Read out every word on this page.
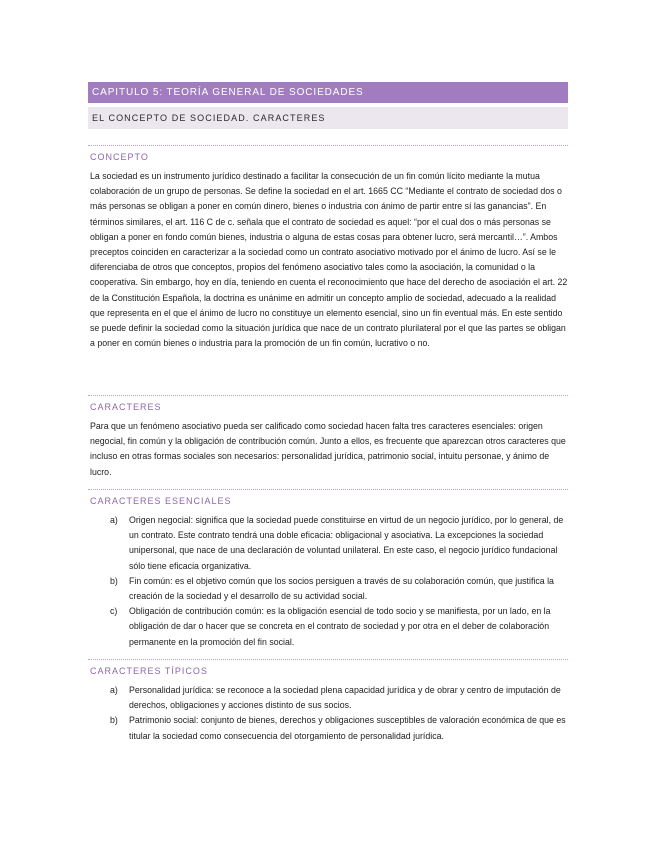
CAPITULO 5: TEORÍA GENERAL DE SOCIEDADES
EL CONCEPTO DE SOCIEDAD. CARACTERES
CONCEPTO
La sociedad es un instrumento jurídico destinado a facilitar la consecución de un fin común lícito mediante la mutua colaboración de un grupo de personas. Se define la sociedad en el art. 1665 CC “Mediante el contrato de sociedad dos o más personas se obligan a poner en común dinero, bienes o industria con ánimo de partir entre sí las ganancias”. En términos similares, el art. 116 C de c. señala que el contrato de sociedad es aquel: “por el cual dos o más personas se obligan a poner en fondo común bienes, industria o alguna de estas cosas para obtener lucro, será mercantil…”. Ambos preceptos coinciden en caracterizar a la sociedad como un contrato asociativo motivado por el ánimo de lucro. Así se le diferenciaba de otros que conceptos, propios del fenómeno asociativo tales como la asociación, la comunidad o la cooperativa. Sin embargo, hoy en día, teniendo en cuenta el reconocimiento que hace del derecho de asociación el art. 22 de la Constitución Española, la doctrina es unánime en admitir un concepto amplio de sociedad, adecuado a la realidad que representa en el que el ánimo de lucro no constituye un elemento esencial, sino un fin eventual más. En este sentido se puede definir la sociedad como la situación jurídica que nace de un contrato plurilateral por el que las partes se obligan a poner en común bienes o industria para la promoción de un fin común, lucrativo o no.
CARACTERES
Para que un fenómeno asociativo pueda ser calificado como sociedad hacen falta tres caracteres esenciales: origen negocial, fin común y la obligación de contribución común. Junto a ellos, es frecuente que aparezcan otros caracteres que incluso en otras formas sociales son necesarios: personalidad jurídica, patrimonio social, intuitu personae, y ánimo de lucro.
CARACTERES ESENCIALES
a) Origen negocial: significa que la sociedad puede constituirse en virtud de un negocio jurídico, por lo general, de un contrato. Este contrato tendrá una doble eficacia: obligacional y asociativa. La excepciones la sociedad unipersonal, que nace de una declaración de voluntad unilateral. En este caso, el negocio jurídico fundacional sólo tiene eficacia organizativa.
b) Fin común: es el objetivo común que los socios persiguen a través de su colaboración común, que justifica la creación de la sociedad y el desarrollo de su actividad social.
c) Obligación de contribución común: es la obligación esencial de todo socio y se manifiesta, por un lado, en la obligación de dar o hacer que se concreta en el contrato de sociedad y por otra en el deber de colaboración permanente en la promoción del fin social.
CARACTERES TÍPICOS
a) Personalidad jurídica: se reconoce a la sociedad plena capacidad jurídica y de obrar y centro de imputación de derechos, obligaciones y acciones distinto de sus socios.
b) Patrimonio social: conjunto de bienes, derechos y obligaciones susceptibles de valoración económica de que es titular la sociedad como consecuencia del otorgamiento de personalidad jurídica.
